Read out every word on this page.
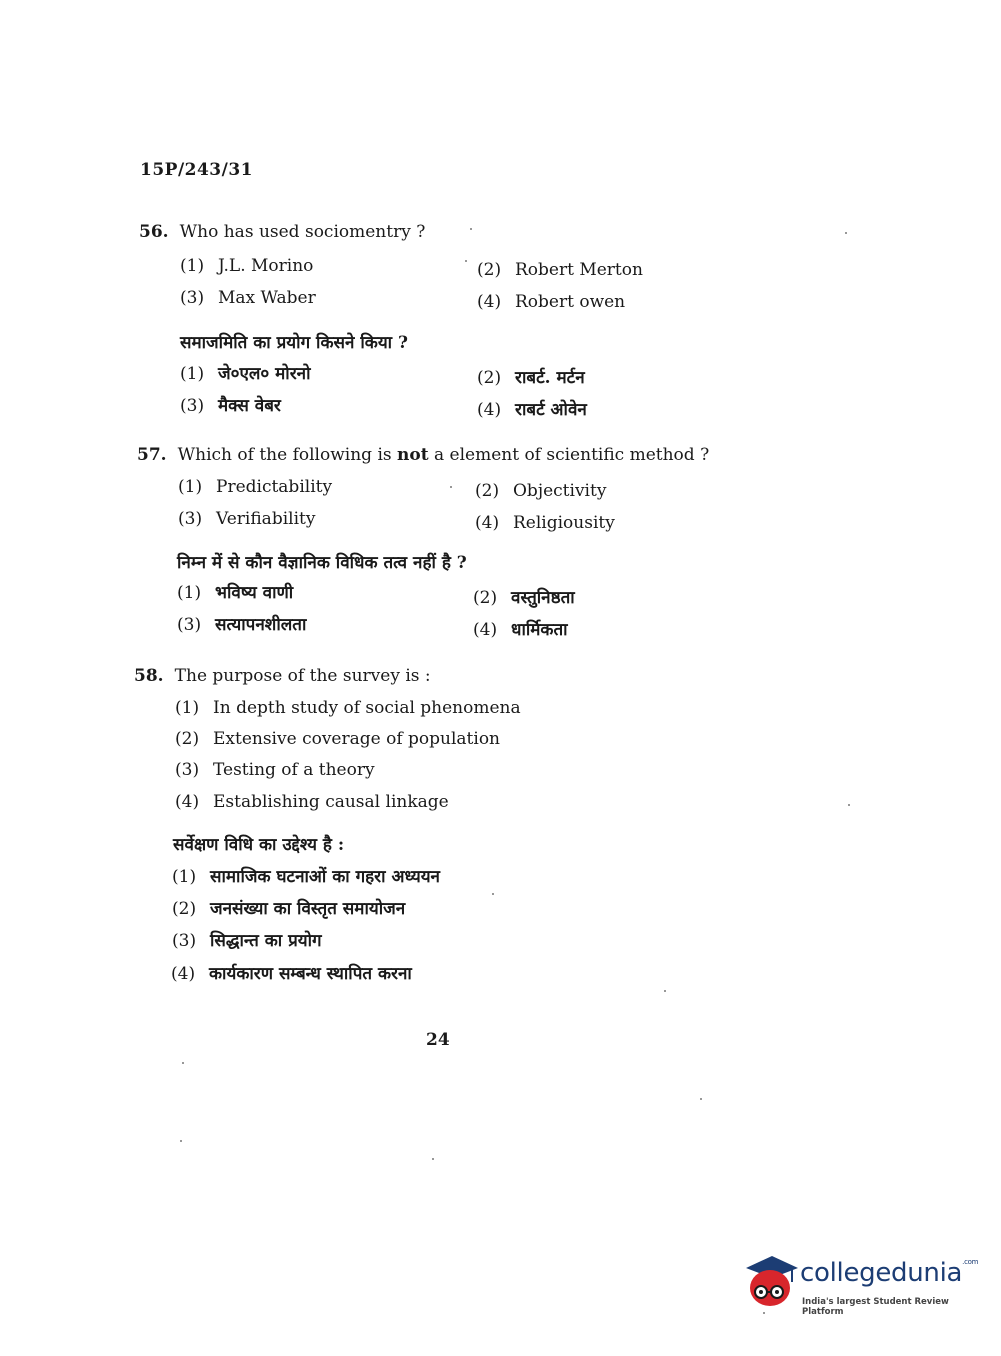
15P/243/31
56. Who has used sociomentry ?
(1) J.L. Morino	(2) Robert Merton
(3) Max Waber	(4) Robert owen
समाजमिति का प्रयोग किसने किया ?
(1) जे०एल० मोरनो	(2) राबर्ट. मर्टन
(3) मैक्स वेबर	(4) राबर्ट ओवेन
57. Which of the following is not a element of scientific method ?
(1) Predictability	(2) Objectivity
(3) Verifiability	(4) Religiousity
निम्न में से कौन वैज्ञानिक विधिक तत्व नहीं है ?
(1) भविष्य वाणी	(2) वस्तुनिष्ठता
(3) सत्यापनशीलता	(4) धार्मिकता
58. The purpose of the survey is :
(1) In depth study of social phenomena
(2) Extensive coverage of population
(3) Testing of a theory
(4) Establishing causal linkage
सर्वेक्षण विधि का उद्देश्य है :
(1) सामाजिक घटनाओं का गहरा अध्ययन
(2) जनसंख्या का विस्तृत समायोजन
(3) सिद्धान्त का प्रयोग
(4) कार्यकारण सम्बन्ध स्थापित करना
24
collegedunia$^{.com}$
India's largest Student Review Platform
